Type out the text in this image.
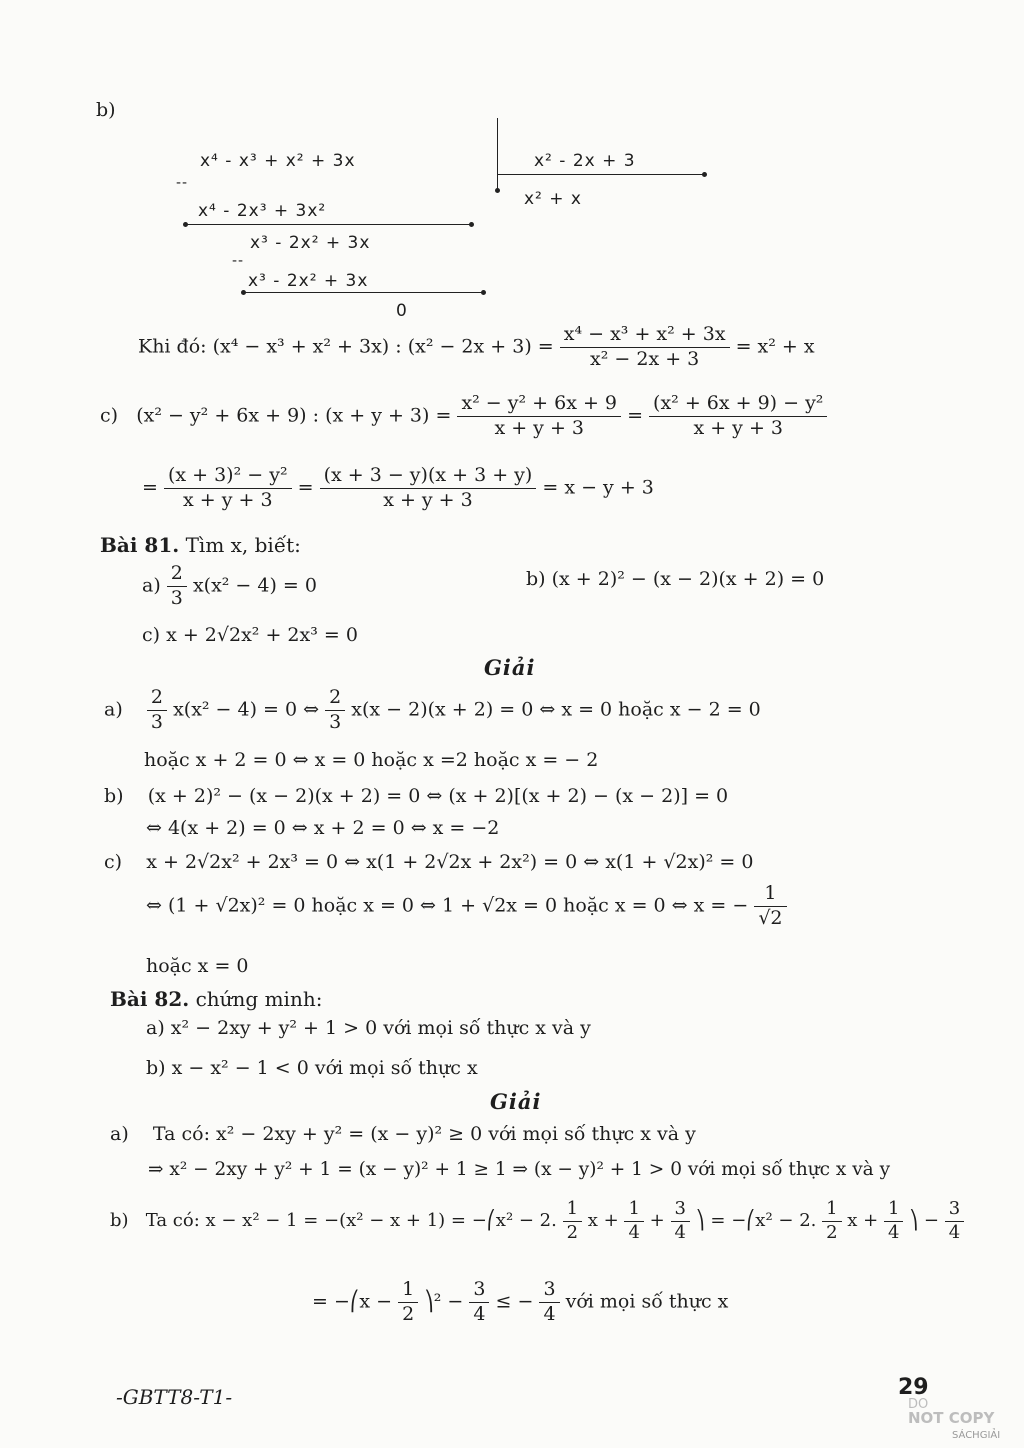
b)
x⁴ - x³ + x² + 3x
--
x⁴ - 2x³ + 3x²
x³ - 2x² + 3x
--
x³ - 2x² + 3x
0
x² - 2x + 3
x² + x
Khi đó: (x⁴ − x³ + x² + 3x) : $(x^2 - 2x + 3) = \frac{\text{x⁴ − x³ + x² + 3x}}{\text{x² − 2x + 3}} = x^2 + x$
c) (x² − y² + 6x + 9) : $(x + y + 3) = \frac{\text{x² − y² + 6x + 9}}{x + y + 3} = \frac{\text{(x² + 6x + 9) − y²}}{x + y + 3}$
= $\frac{\text{(x + 3)² − y²}}{x + y + 3} = \frac{(x + 3 - y)(x + 3 + y)}{x + y + 3} = x - y + 3$
Bài 81. Tìm x, biết:
$a) \frac{2}{3} x(x^2 - 4) = 0$	b) (x + 2)² − (x − 2)(x + 2) = 0
c) x + 2√2x² + 2x³ = 0
Giải
$a) \frac{2}{3} x(x^2 - 4) = 0$ ⇔ $\frac{2}{3} x(x - 2)(x + 2) = 0$ ⇔ x = 0 hoặc x − 2 = 0
hoặc x + 2 = 0 ⇔ x = 0 hoặc x =2 hoặc x = − 2
b) (x + 2)² − (x − 2)(x + 2) = 0 ⇔ (x + 2)[(x + 2) − (x − 2)] = 0
⇔ 4(x + 2) = 0 ⇔ x + 2 = 0 ⇔ x = −2
c) x + 2√2x² + 2x³ = 0 ⇔ x(1 + 2√2x + 2x²) = 0 ⇔ x(1 + √2x)² = 0
⇔ (1 + √2x)² = 0 hoặc x = 0 ⇔ 1 + √2x = 0 hoặc x = 0 ⇔ x = − $\frac{1}{√2}$
hoặc x = 0
Bài 82. chứng minh:
a) x² − 2xy + y² + 1 > 0 với mọi số thực x và y
b) x − x² − 1 < 0 với mọi số thực x
Giải
a) Ta có: x² − 2xy + y² = (x − y)² ≥ 0 với mọi số thực x và y
⇒ x² − 2xy + y² + 1 = (x − y)² + 1 ≥ 1 ⇒ (x − y)² + 1 > 0 với mọi số thực x và y
b) Ta có: x − x² − 1 = −(x² − x + 1) = −⎛x² − 2. $\frac{1}{2}$ $x + \frac{1}{4} + \frac{3}{4}$ ⎞ = −⎛x² − 2. $\frac{1}{2}$ $x + \frac{1}{4}$ ⎞ − $\frac{3}{4}$
= −⎛x − $\frac{1}{2}$ ⎞² − $\frac{3}{4}$ ≤ − $\frac{3}{4}$ với mọi số thực x
-GBTT8-T1-	29
DO
NOT COPY
SÁCHGIẢI
